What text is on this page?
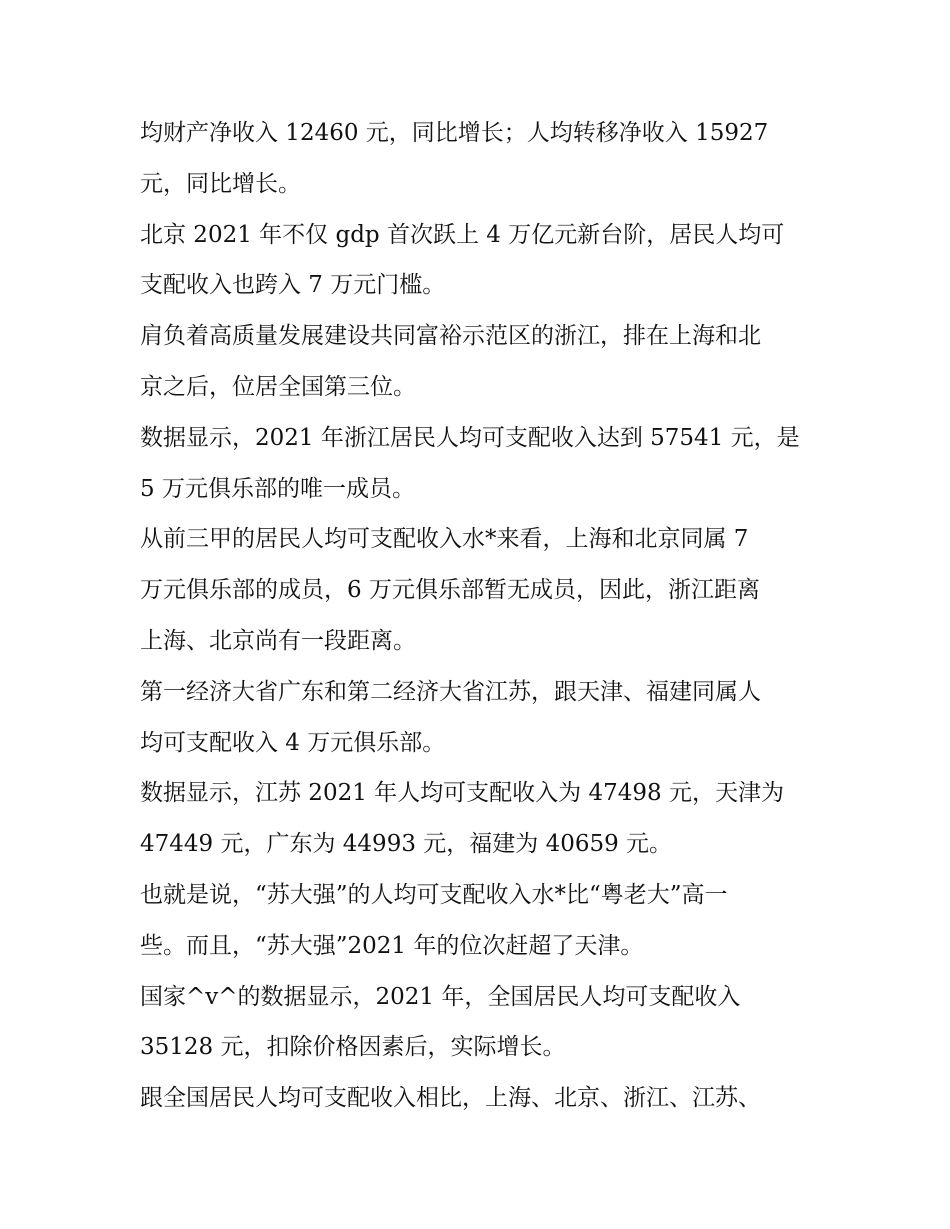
均财产净收入 12460 元，同比增长；人均转移净收入 15927
元，同比增长。
北京 2021 年不仅 gdp 首次跃上 4 万亿元新台阶，居民人均可
支配收入也跨入 7 万元门槛。
肩负着高质量发展建设共同富裕示范区的浙江，排在上海和北
京之后，位居全国第三位。
数据显示，2021 年浙江居民人均可支配收入达到 57541 元，是
5 万元俱乐部的唯一成员。
从前三甲的居民人均可支配收入水*来看，上海和北京同属 7
万元俱乐部的成员，6 万元俱乐部暂无成员，因此，浙江距离
上海、北京尚有一段距离。
第一经济大省广东和第二经济大省江苏，跟天津、福建同属人
均可支配收入 4 万元俱乐部。
数据显示，江苏 2021 年人均可支配收入为 47498 元，天津为
47449 元，广东为 44993 元，福建为 40659 元。
也就是说，“苏大强”的人均可支配收入水*比“粤老大”高一
些。而且，“苏大强”2021 年的位次赶超了天津。
国家^v^的数据显示，2021 年，全国居民人均可支配收入
35128 元，扣除价格因素后，实际增长。
跟全国居民人均可支配收入相比，上海、北京、浙江、江苏、
